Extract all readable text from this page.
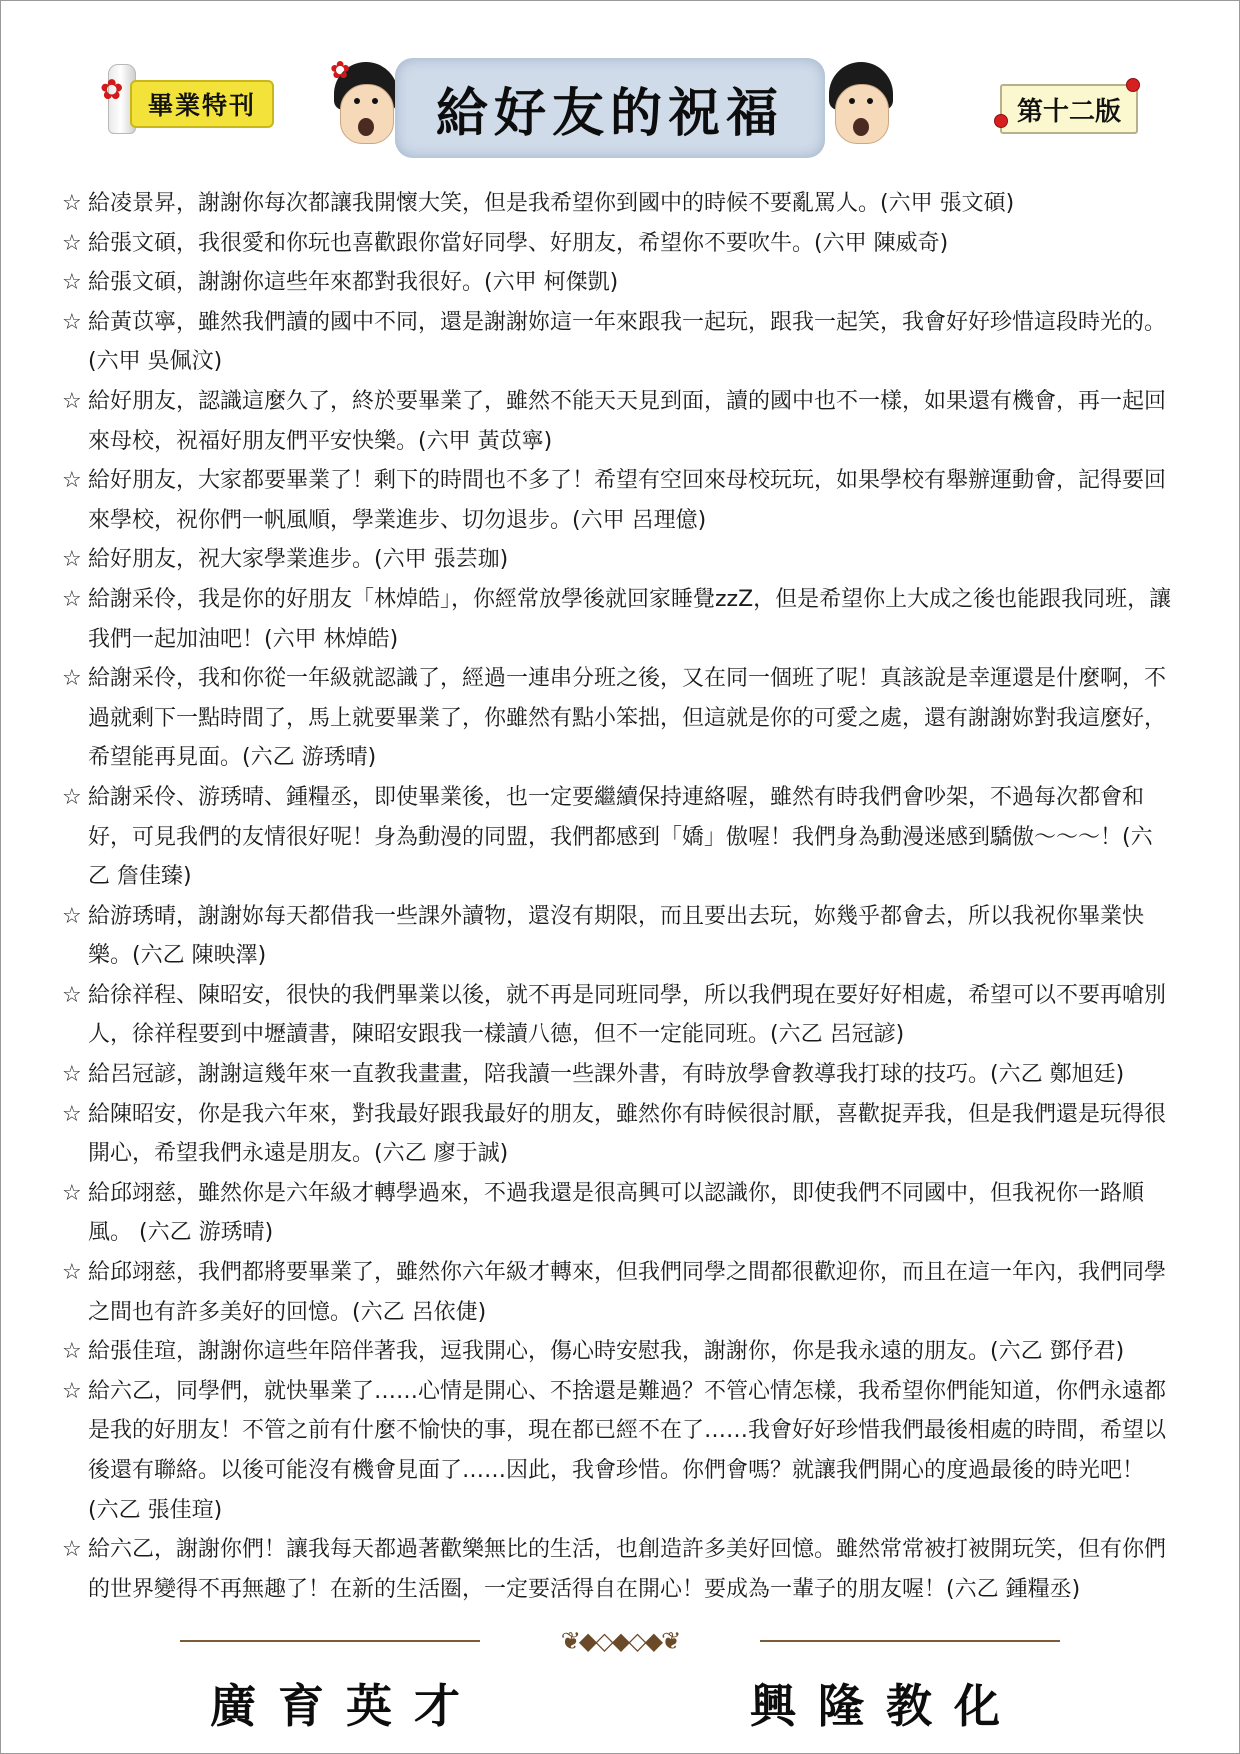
✿ 畢業特刊
✿
給好友的祝福	第十二版

☆ 給凌景昇，謝謝你每次都讓我開懷大笑，但是我希望你到國中的時候不要亂罵人。(六甲 張文碩)

☆ 給張文碩，我很愛和你玩也喜歡跟你當好同學、好朋友，希望你不要吹牛。(六甲 陳威奇)

☆ 給張文碩，謝謝你這些年來都對我很好。(六甲 柯傑凱)

☆ 給黃苡寧，雖然我們讀的國中不同，還是謝謝妳這一年來跟我一起玩，跟我一起笑，我會好好珍惜這段時光的。(六甲 吳佩汶)

☆ 給好朋友，認識這麼久了，終於要畢業了，雖然不能天天見到面，讀的國中也不一樣，如果還有機會，再一起回來母校，祝福好朋友們平安快樂。(六甲 黃苡寧)

☆ 給好朋友，大家都要畢業了！剩下的時間也不多了！希望有空回來母校玩玩，如果學校有舉辦運動會，記得要回來學校，祝你們一帆風順，學業進步、切勿退步。(六甲 呂理億)

☆ 給好朋友，祝大家學業進步。(六甲 張芸珈)

☆ 給謝采伶，我是你的好朋友「林焯皓」，你經常放學後就回家睡覺zzZ，但是希望你上大成之後也能跟我同班，讓我們一起加油吧！(六甲 林焯皓)

☆ 給謝采伶，我和你從一年級就認識了，經過一連串分班之後，又在同一個班了呢！真該說是幸運還是什麼啊，不過就剩下一點時間了，馬上就要畢業了，你雖然有點小笨拙，但這就是你的可愛之處，還有謝謝妳對我這麼好，希望能再見面。(六乙 游琇晴)

☆ 給謝采伶、游琇晴、鍾糧丞，即使畢業後，也一定要繼續保持連絡喔，雖然有時我們會吵架，不過每次都會和好，可見我們的友情很好呢！身為動漫的同盟，我們都感到「嬌」傲喔！我們身為動漫迷感到驕傲～～～！(六乙 詹佳臻)

☆ 給游琇晴，謝謝妳每天都借我一些課外讀物，還沒有期限，而且要出去玩，妳幾乎都會去，所以我祝你畢業快樂。(六乙 陳映澤)

☆ 給徐祥程、陳昭安，很快的我們畢業以後，就不再是同班同學，所以我們現在要好好相處，希望可以不要再嗆別人，徐祥程要到中壢讀書，陳昭安跟我一樣讀八德，但不一定能同班。(六乙 呂冠諺)

☆ 給呂冠諺，謝謝這幾年來一直教我畫畫，陪我讀一些課外書，有時放學會教導我打球的技巧。(六乙 鄭旭廷)

☆ 給陳昭安，你是我六年來，對我最好跟我最好的朋友，雖然你有時候很討厭，喜歡捉弄我，但是我們還是玩得很開心，希望我們永遠是朋友。(六乙 廖于誠)

☆ 給邱翊慈，雖然你是六年級才轉學過來，不過我還是很高興可以認識你，即使我們不同國中，但我祝你一路順風。 (六乙 游琇晴)

☆ 給邱翊慈，我們都將要畢業了，雖然你六年級才轉來，但我們同學之間都很歡迎你，而且在這一年內，我們同學之間也有許多美好的回憶。(六乙 呂依倢)

☆ 給張佳瑄，謝謝你這些年陪伴著我，逗我開心，傷心時安慰我，謝謝你，你是我永遠的朋友。(六乙 鄧伃君)

☆ 給六乙，同學們，就快畢業了……心情是開心、不捨還是難過？不管心情怎樣，我希望你們能知道，你們永遠都是我的好朋友！不管之前有什麼不愉快的事，現在都已經不在了……我會好好珍惜我們最後相處的時間，希望以後還有聯絡。以後可能沒有機會見面了……因此，我會珍惜。你們會嗎？就讓我們開心的度過最後的時光吧！(六乙 張佳瑄)

☆ 給六乙，謝謝你們！讓我每天都過著歡樂無比的生活，也創造許多美好回憶。雖然常常被打被開玩笑，但有你們的世界變得不再無趣了！在新的生活圈，一定要活得自在開心！要成為一輩子的朋友喔！(六乙 鍾糧丞)

❦◆◇◆◇◆❦
廣育英才	興隆教化
